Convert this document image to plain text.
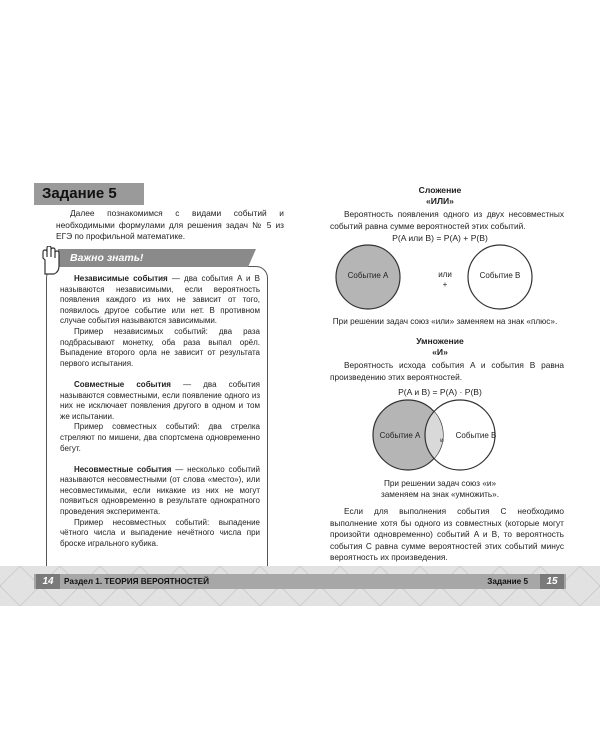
Задание 5

Далее познакомимся с видами событий и необходимыми формулами для решения задач № 5 из ЕГЭ по профильной математике.

Важно знать!

Независимые события — два события A и B называются независимыми, если вероятность появления каждого из них не зависит от того, появилось другое событие или нет. В противном случае события называются зависимыми.

Пример независимых событий: два раза подбрасывают монетку, оба раза выпал орёл. Выпадение второго орла не зависит от результата первого испытания.

Совместные события — два события называются совместными, если появление одного из них не исключает появления другого в одном и том же испытании.

Пример совместных событий: два стрелка стреляют по мишени, два спортсмена одновременно бегут.

Несовместные события — несколько событий называются несовместными (от слова «место»), или несовместимыми, если никакие из них не могут появиться одновременно в результате однократного проведения эксперимента.

Пример несовместных событий: выпадение чётного числа и выпадение нечётного числа при броске игрального кубика.

Сложение
«ИЛИ»

Вероятность появления одного из двух несовместных событий равна сумме вероятностей этих событий.

P(A или B) = P(A) + P(B)
Событие A	Событие B
или
+
При решении задач союз «или» заменяем на знак «плюс».
Умножение
«И»

Вероятность исхода события A и события B равна произведению этих вероятностей.

P(A и B) = P(A) · P(B)
Событие A	Событие B
и
При решении задач союз «и»
заменяем на знак «умножить».

Если для выполнения события C необходимо выполнение хотя бы одного из совместных (которые могут произойти одновременно) событий A и B, то вероятность события C равна сумме вероятностей этих событий минус вероятность их произведения.

14	Раздел 1. ТЕОРИЯ ВЕРОЯТНОСТЕЙ	Задание 5	15
